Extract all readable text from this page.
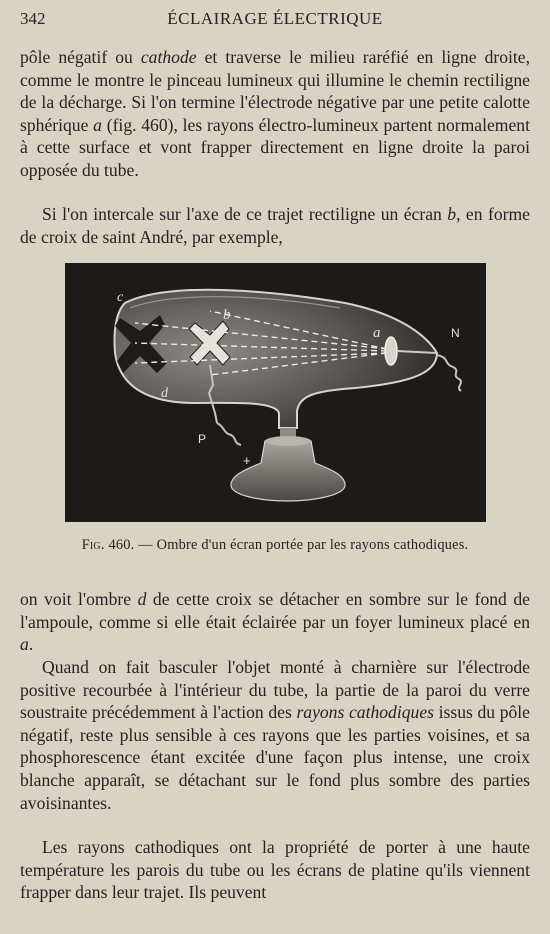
342	ÉCLAIRAGE ÉLECTRIQUE

pôle négatif ou cathode et traverse le milieu raréfié en ligne droite, comme le montre le pinceau lumineux qui illumine le chemin rectiligne de la décharge. Si l'on termine l'électrode négative par une petite calotte sphérique a (fig. 460), les rayons électro-lumineux partent normalement à cette surface et vont frapper directement en ligne droite la paroi opposée du tube.

Si l'on intercale sur l'axe de ce trajet rectiligne un écran b, en forme de croix de saint André, par exemple,

c
b
a
d
N
P
+
Fig. 460. — Ombre d'un écran portée par les rayons cathodiques.

on voit l'ombre d de cette croix se détacher en sombre sur le fond de l'ampoule, comme si elle était éclairée par un foyer lumineux placé en a.

Quand on fait basculer l'objet monté à charnière sur l'électrode positive recourbée à l'intérieur du tube, la partie de la paroi du verre soustraite précédemment à l'action des rayons cathodiques issus du pôle négatif, reste plus sensible à ces rayons que les parties voisines, et sa phosphorescence étant excitée d'une façon plus intense, une croix blanche apparaît, se détachant sur le fond plus sombre des parties avoisinantes.

Les rayons cathodiques ont la propriété de porter à une haute température les parois du tube ou les écrans de platine qu'ils viennent frapper dans leur trajet. Ils peuvent
